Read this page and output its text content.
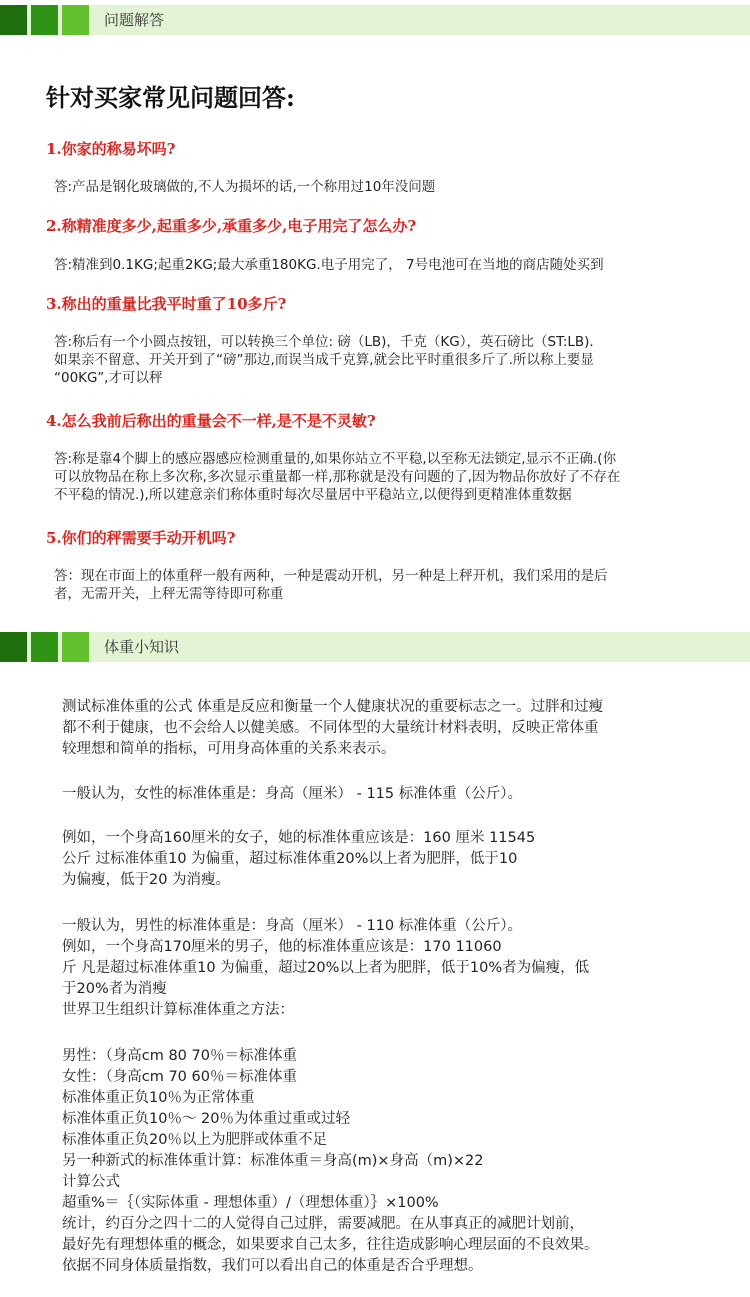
问题解答
针对买家常见问题回答:

1.你家的称易坏吗?

答:产品是钢化玻璃做的,不人为损坏的话,一个称用过10年没问题

2.称精准度多少,起重多少,承重多少,电子用完了怎么办?

答:精准到0.1KG;起重2KG;最大承重180KG.电子用完了， 7号电池可在当地的商店随处买到

3.称出的重量比我平时重了10多斤?

答:称后有一个小圆点按钮，可以转换三个单位: 磅（LB)，千克（KG），英石磅比（ST:LB).
如果亲不留意、开关开到了“磅”那边,而误当成千克算,就会比平时重很多斤了.所以称上要显
“00KG”,才可以秤

4.怎么我前后称出的重量会不一样,是不是不灵敏?

答:称是靠4个脚上的感应器感应检测重量的,如果你站立不平稳,以至称无法锁定,显示不正确.(你
可以放物品在称上多次称,多次显示重量都一样,那称就是没有问题的了,因为物品你放好了不存在
不平稳的情况.),所以建意亲们称体重时每次尽量居中平稳站立,以便得到更精准体重数据

5.你们的秤需要手动开机吗?

答：现在市面上的体重秤一般有两种，一种是震动开机，另一种是上秤开机，我们采用的是后
者，无需开关，上秤无需等待即可称重

体重小知识

测试标准体重的公式 体重是反应和衡量一个人健康状况的重要标志之一。过胖和过瘦
都不利于健康，也不会给人以健美感。不同体型的大量统计材料表明，反映正常体重
较理想和简单的指标，可用身高体重的关系来表示。

一般认为，女性的标准体重是：身高（厘米） - 115 标准体重（公斤）。

例如，一个身高160厘米的女子，她的标准体重应该是：160 厘米 11545
公斤 过标准体重10 为偏重，超过标准体重20%以上者为肥胖，低于10
为偏瘦，低于20 为消瘦。

一般认为，男性的标准体重是：身高（厘米） - 110 标准体重（公斤）。
例如，一个身高170厘米的男子，他的标准体重应该是：170 11060
斤 凡是超过标准体重10 为偏重，超过20%以上者为肥胖，低于10%者为偏瘦，低
于20%者为消瘦
世界卫生组织计算标准体重之方法：

男性：（身高cm 80 70％＝标准体重
女性：（身高cm 70 60％＝标准体重
标准体重正负10％为正常体重
标准体重正负10％～ 20％为体重过重或过轻
标准体重正负20％以上为肥胖或体重不足
另一种新式的标准体重计算：标准体重＝身高(m)×身高（m)×22
计算公式
超重%＝｛（实际体重 - 理想体重）/（理想体重）｝×100%
统计，约百分之四十二的人觉得自己过胖，需要减肥。在从事真正的减肥计划前，
最好先有理想体重的概念，如果要求自己太多，往往造成影响心理层面的不良效果。
依据不同身体质量指数，我们可以看出自己的体重是否合乎理想。
